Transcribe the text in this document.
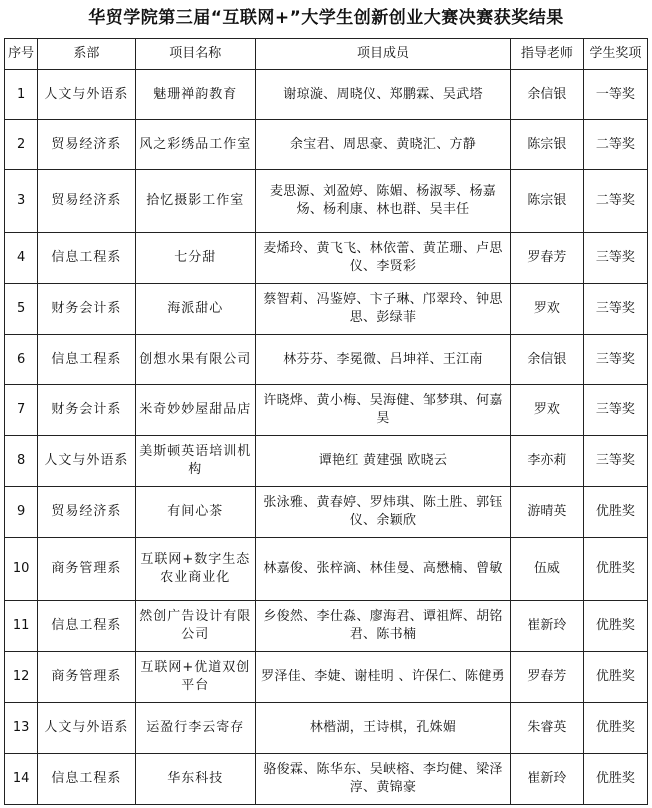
华贸学院第三届“互联网+”大学生创新创业大赛决赛获奖结果
序号	系部	项目名称	项目成员	指导老师	学生奖项
1	人文与外语系	魅珊禅韵教育	谢琼漩、周晓仪、郑鹏霖、吴武塔	余信银	一等奖
2	贸易经济系	风之彩绣品工作室	余宝君、周思豪、黄晓汇、方静	陈宗银	二等奖
3	贸易经济系	拾忆摄影工作室	麦思源、刘盈婷、陈媚、杨淑琴、杨嘉炀、杨利康、林也群、吴丰任	陈宗银	二等奖
4	信息工程系	七分甜	麦烯玲、黄飞飞、林依蕾、黄芷珊、卢思仪、李贤彩	罗春芳	三等奖
5	财务会计系	海派甜心	蔡智莉、冯鉴婷、卞子琳、邝翠玲、钟思思、彭绿菲	罗欢	三等奖
6	信息工程系	创想水果有限公司	林芬芬、李冕微、吕坤祥、王江南	余信银	三等奖
7	财务会计系	米奇妙妙屋甜品店	许晓烨、黄小梅、吴海健、邹梦琪、何嘉昊	罗欢	三等奖
8	人文与外语系	美斯顿英语培训机构	谭艳红 黄建强 欧晓云	李亦莉	三等奖
9	贸易经济系	有间心茶	张泳雅、黄春婷、罗炜琪、陈土胜、郭钰仪、余颖欣	游晴英	优胜奖
10	商务管理系	互联网+数字生态农业商业化	林嘉俊、张梓滴、林佳曼、高懋楠、曾敏	伍威	优胜奖
11	信息工程系	然创广告设计有限公司	乡俊然、李仕淼、廖海君、谭祖辉、胡铭君、陈书楠	崔新玲	优胜奖
12	商务管理系	互联网+优道双创平台	罗泽佳、李婕、谢桂明 、许保仁、陈健勇	罗春芳	优胜奖
13	人文与外语系	运盈行李云寄存	林楷湖，王诗棋，孔姝媚	朱睿英	优胜奖
14	信息工程系	华东科技	骆俊霖、陈华东、吴峡榕、李均健、梁泽淳、黄锦豪	崔新玲	优胜奖
